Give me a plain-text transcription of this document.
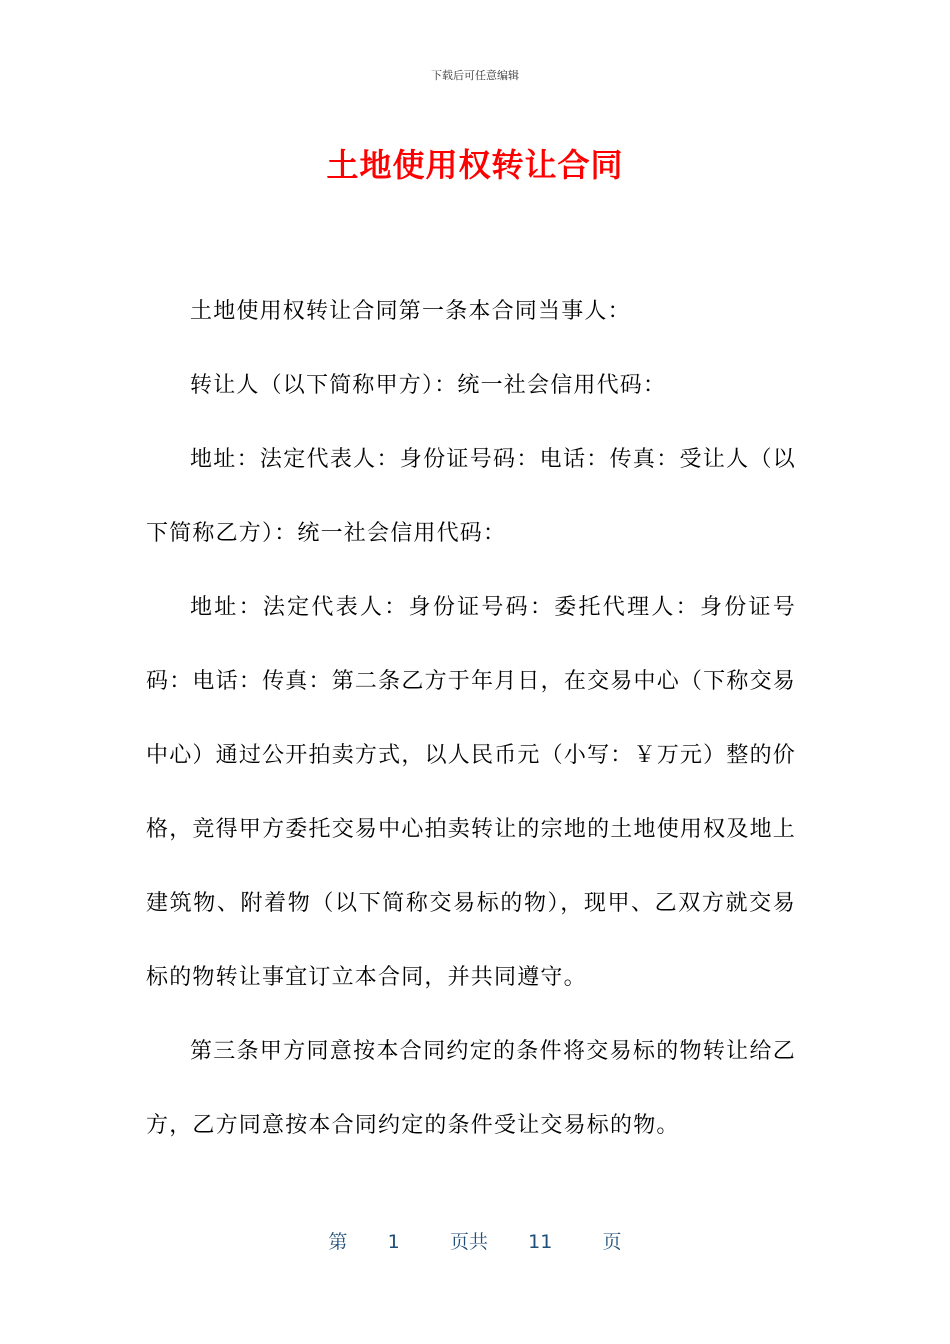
下载后可任意编辑
土地使用权转让合同

土地使用权转让合同第一条本合同当事人：

转让人（以下简称甲方）：统一社会信用代码：

地址：法定代表人：身份证号码：电话：传真：受让人（以下简称乙方）：统一社会信用代码：

地址：法定代表人：身份证号码：委托代理人：身份证号码：电话：传真：第二条乙方于年月日，在交易中心（下称交易中心）通过公开拍卖方式，以人民币元（小写：￥万元）整的价格，竞得甲方委托交易中心拍卖转让的宗地的土地使用权及地上建筑物、附着物（以下简称交易标的物），现甲、乙双方就交易标的物转让事宜订立本合同，并共同遵守。

第三条甲方同意按本合同约定的条件将交易标的物转让给乙方，乙方同意按本合同约定的条件受让交易标的物。

第 1	页共 11	页
